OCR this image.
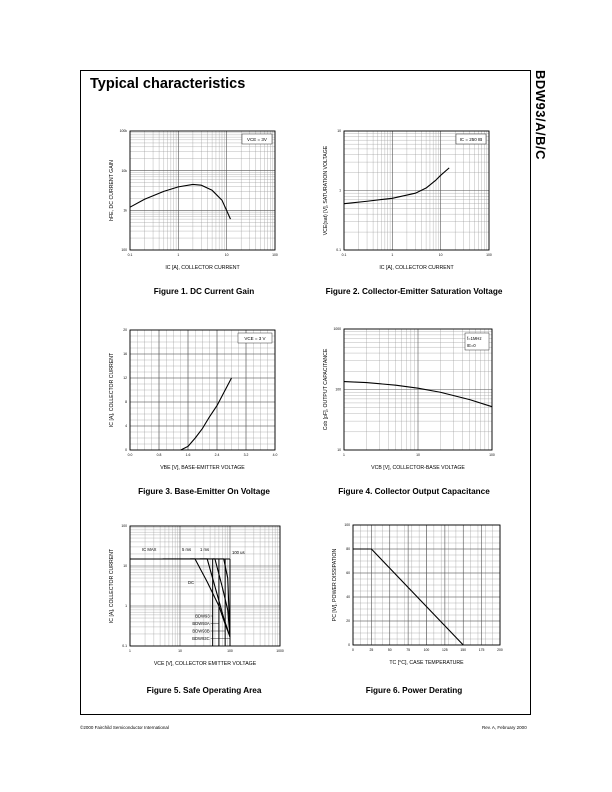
BDW93/A/B/C
Typical characteristics
0.1	1	10	100
100k
10k
1k
100
IC [A], COLLECTOR CURRENT
hFE, DC CURRENT GAIN
VCE = 3V
0.1	1	10	100
10
1
0.1
IC [A], COLLECTOR CURRENT
VCE(sat) [V], SATURATION VOLTAGE
IC = 250 IB
0.0	0.8	1.6	2.4	3.2	4.0
20
16
12
8
4
0
VBE [V], BASE-EMITTER VOLTAGE
IC [A], COLLECTOR CURRENT
VCE = 3 V
1	10	100
1000
100
10
VCB [V], COLLECTOR-BASE VOLTAGE
Cob [pF], OUTPUT CAPACITANCE
f=1MHz
IE=0
1	10	100	1000
100
10
1
0.1
VCE [V], COLLECTOR EMITTER VOLTAGE
IC [A], COLLECTOR CURRENT	IC MAX	5 ms 1 ms
100 us
DC
BDW93
BDW93A
BDW93B
BDW93C
0	25	50	75	100	125	150	175	200
100
80
60
40
20
0
TC [°C], CASE TEMPERATURE
PC [W], POWER DISSIPATION
Figure 1. DC Current Gain	Figure 2. Collector-Emitter Saturation Voltage
Figure 3. Base-Emitter On Voltage	Figure 4. Collector Output Capacitance
Figure 5. Safe Operating Area	Figure 6. Power Derating
©2000 Fairchild Semiconductor International	Rev. A, February 2000
